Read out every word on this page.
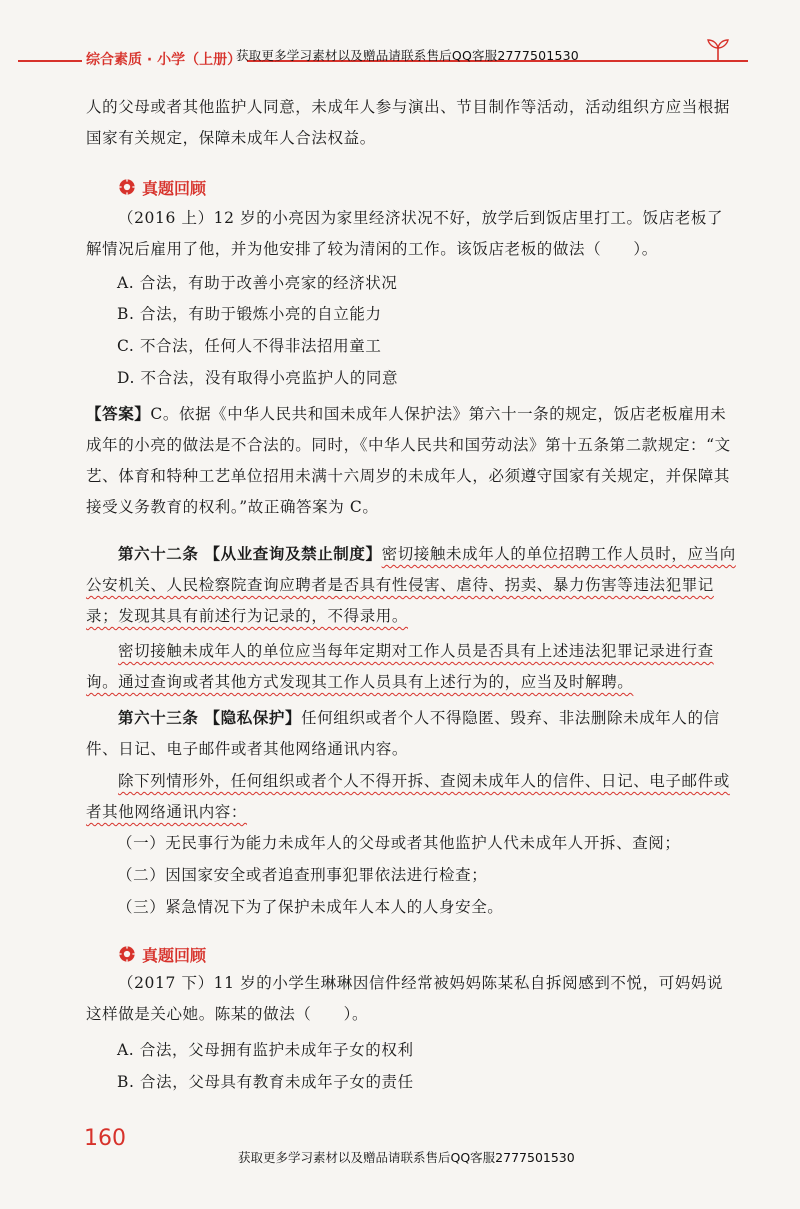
综合素质 · 小学（上册）
获取更多学习素材以及赠品请联系售后QQ客服2777501530
人的父母或者其他监护人同意，未成年人参与演出、节目制作等活动，活动组织方应当根据国家有关规定，保障未成年人合法权益。
真题回顾
（2016 上）12 岁的小亮因为家里经济状况不好，放学后到饭店里打工。饭店老板了解情况后雇用了他，并为他安排了较为清闲的工作。该饭店老板的做法（　　）。
A. 合法，有助于改善小亮家的经济状况
B. 合法，有助于锻炼小亮的自立能力
C. 不合法，任何人不得非法招用童工
D. 不合法，没有取得小亮监护人的同意
【答案】C。依据《中华人民共和国未成年人保护法》第六十一条的规定，饭店老板雇用未成年的小亮的做法是不合法的。同时，《中华人民共和国劳动法》第十五条第二款规定：“文艺、体育和特种工艺单位招用未满十六周岁的未成年人，必须遵守国家有关规定，并保障其接受义务教育的权利。”故正确答案为 C。
第六十二条 【从业查询及禁止制度】密切接触未成年人的单位招聘工作人员时，应当向公安机关、人民检察院查询应聘者是否具有性侵害、虐待、拐卖、暴力伤害等违法犯罪记录；发现其具有前述行为记录的，不得录用。
密切接触未成年人的单位应当每年定期对工作人员是否具有上述违法犯罪记录进行查询。通过查询或者其他方式发现其工作人员具有上述行为的，应当及时解聘。
第六十三条 【隐私保护】任何组织或者个人不得隐匿、毁弃、非法删除未成年人的信件、日记、电子邮件或者其他网络通讯内容。
除下列情形外，任何组织或者个人不得开拆、查阅未成年人的信件、日记、电子邮件或者其他网络通讯内容：
（一）无民事行为能力未成年人的父母或者其他监护人代未成年人开拆、查阅；
（二）因国家安全或者追查刑事犯罪依法进行检查；
（三）紧急情况下为了保护未成年人本人的人身安全。
真题回顾
（2017 下）11 岁的小学生琳琳因信件经常被妈妈陈某私自拆阅感到不悦，可妈妈说这样做是关心她。陈某的做法（　　）。
A. 合法，父母拥有监护未成年子女的权利
B. 合法，父母具有教育未成年子女的责任
160
获取更多学习素材以及赠品请联系售后QQ客服2777501530
